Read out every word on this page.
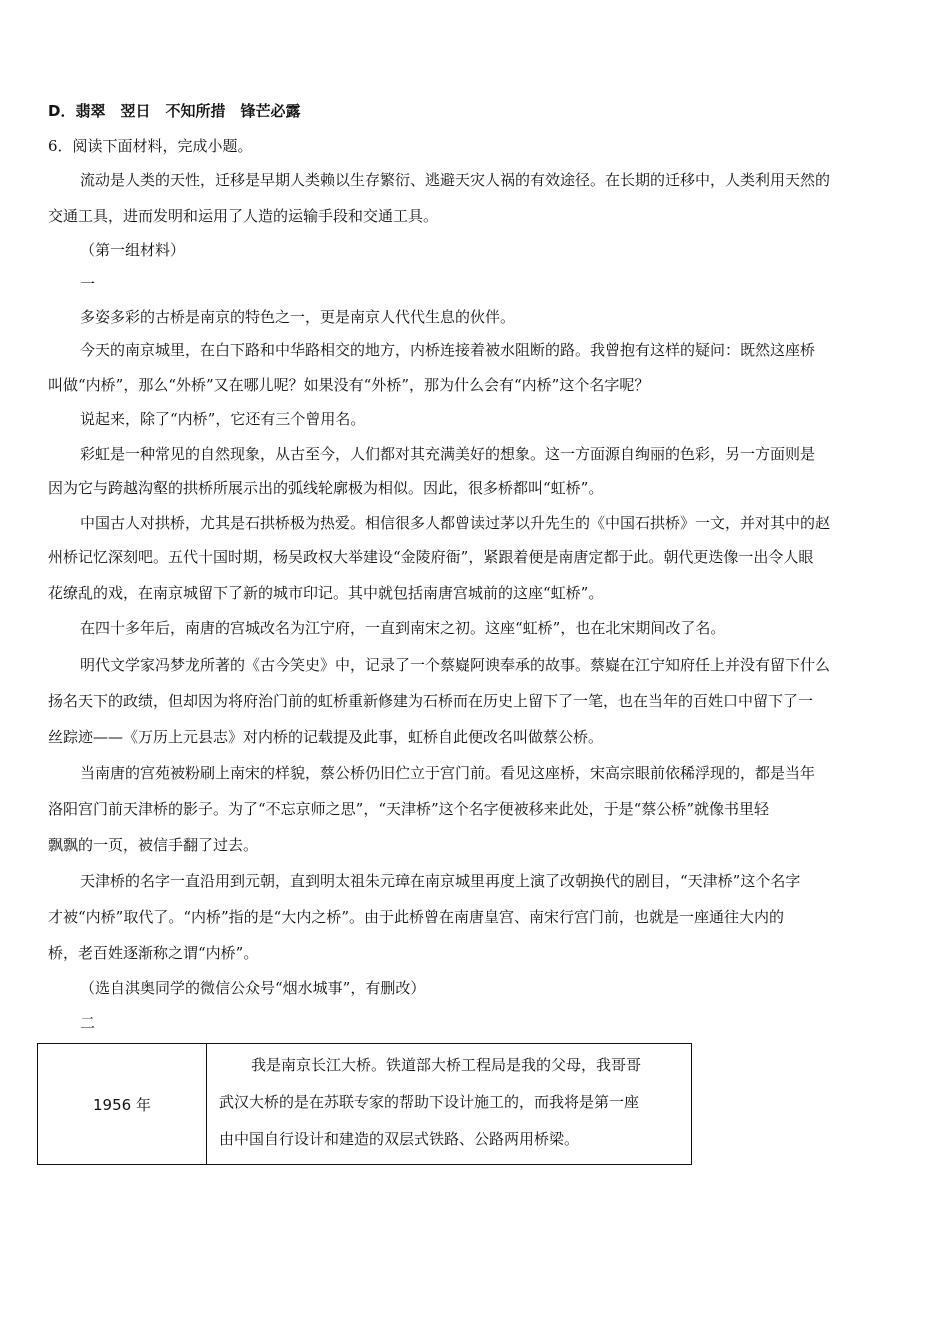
D．翡翠　翌日　不知所措　锋芒必露
6．阅读下面材料，完成小题。
流动是人类的天性，迁移是早期人类赖以生存繁衍、逃避天灾人祸的有效途径。在长期的迁移中，人类利用天然的
交通工具，进而发明和运用了人造的运输手段和交通工具。
（第一组材料）
一
多姿多彩的古桥是南京的特色之一，更是南京人代代生息的伙伴。
今天的南京城里，在白下路和中华路相交的地方，内桥连接着被水阻断的路。我曾抱有这样的疑问：既然这座桥
叫做“内桥”，那么“外桥”又在哪儿呢？如果没有“外桥”，那为什么会有“内桥”这个名字呢？
说起来，除了“内桥”，它还有三个曾用名。
彩虹是一种常见的自然现象，从古至今，人们都对其充满美好的想象。这一方面源自绚丽的色彩，另一方面则是
因为它与跨越沟壑的拱桥所展示出的弧线轮廓极为相似。因此，很多桥都叫“虹桥”。
中国古人对拱桥，尤其是石拱桥极为热爱。相信很多人都曾读过茅以升先生的《中国石拱桥》一文，并对其中的赵
州桥记忆深刻吧。五代十国时期，杨吴政权大举建设“金陵府衙”，紧跟着便是南唐定都于此。朝代更迭像一出令人眼
花缭乱的戏，在南京城留下了新的城市印记。其中就包括南唐宫城前的这座“虹桥”。
在四十多年后，南唐的宫城改名为江宁府，一直到南宋之初。这座“虹桥”，也在北宋期间改了名。
明代文学家冯梦龙所著的《古今笑史》中，记录了一个蔡嶷阿谀奉承的故事。蔡嶷在江宁知府任上并没有留下什么
扬名天下的政绩，但却因为将府治门前的虹桥重新修建为石桥而在历史上留下了一笔，也在当年的百姓口中留下了一
丝踪迹——《万历上元县志》对内桥的记载提及此事，虹桥自此便改名叫做蔡公桥。
当南唐的宫苑被粉刷上南宋的样貌，蔡公桥仍旧伫立于宫门前。看见这座桥，宋高宗眼前依稀浮现的，都是当年
洛阳宫门前天津桥的影子。为了“不忘京师之思”，“天津桥”这个名字便被移来此处，于是“蔡公桥”就像书里轻
飘飘的一页，被信手翻了过去。
天津桥的名字一直沿用到元朝，直到明太祖朱元璋在南京城里再度上演了改朝换代的剧目，“天津桥”这个名字
才被“内桥”取代了。“内桥”指的是“大内之桥”。由于此桥曾在南唐皇宫、南宋行宫门前，也就是一座通往大内的
桥，老百姓逐渐称之谓“内桥”。
（选自淇奥同学的微信公众号“烟水城事”，有删改）
二
1956 年
我是南京长江大桥。铁道部大桥工程局是我的父母，我哥哥
武汉大桥的是在苏联专家的帮助下设计施工的，而我将是第一座
由中国自行设计和建造的双层式铁路、公路两用桥梁。
